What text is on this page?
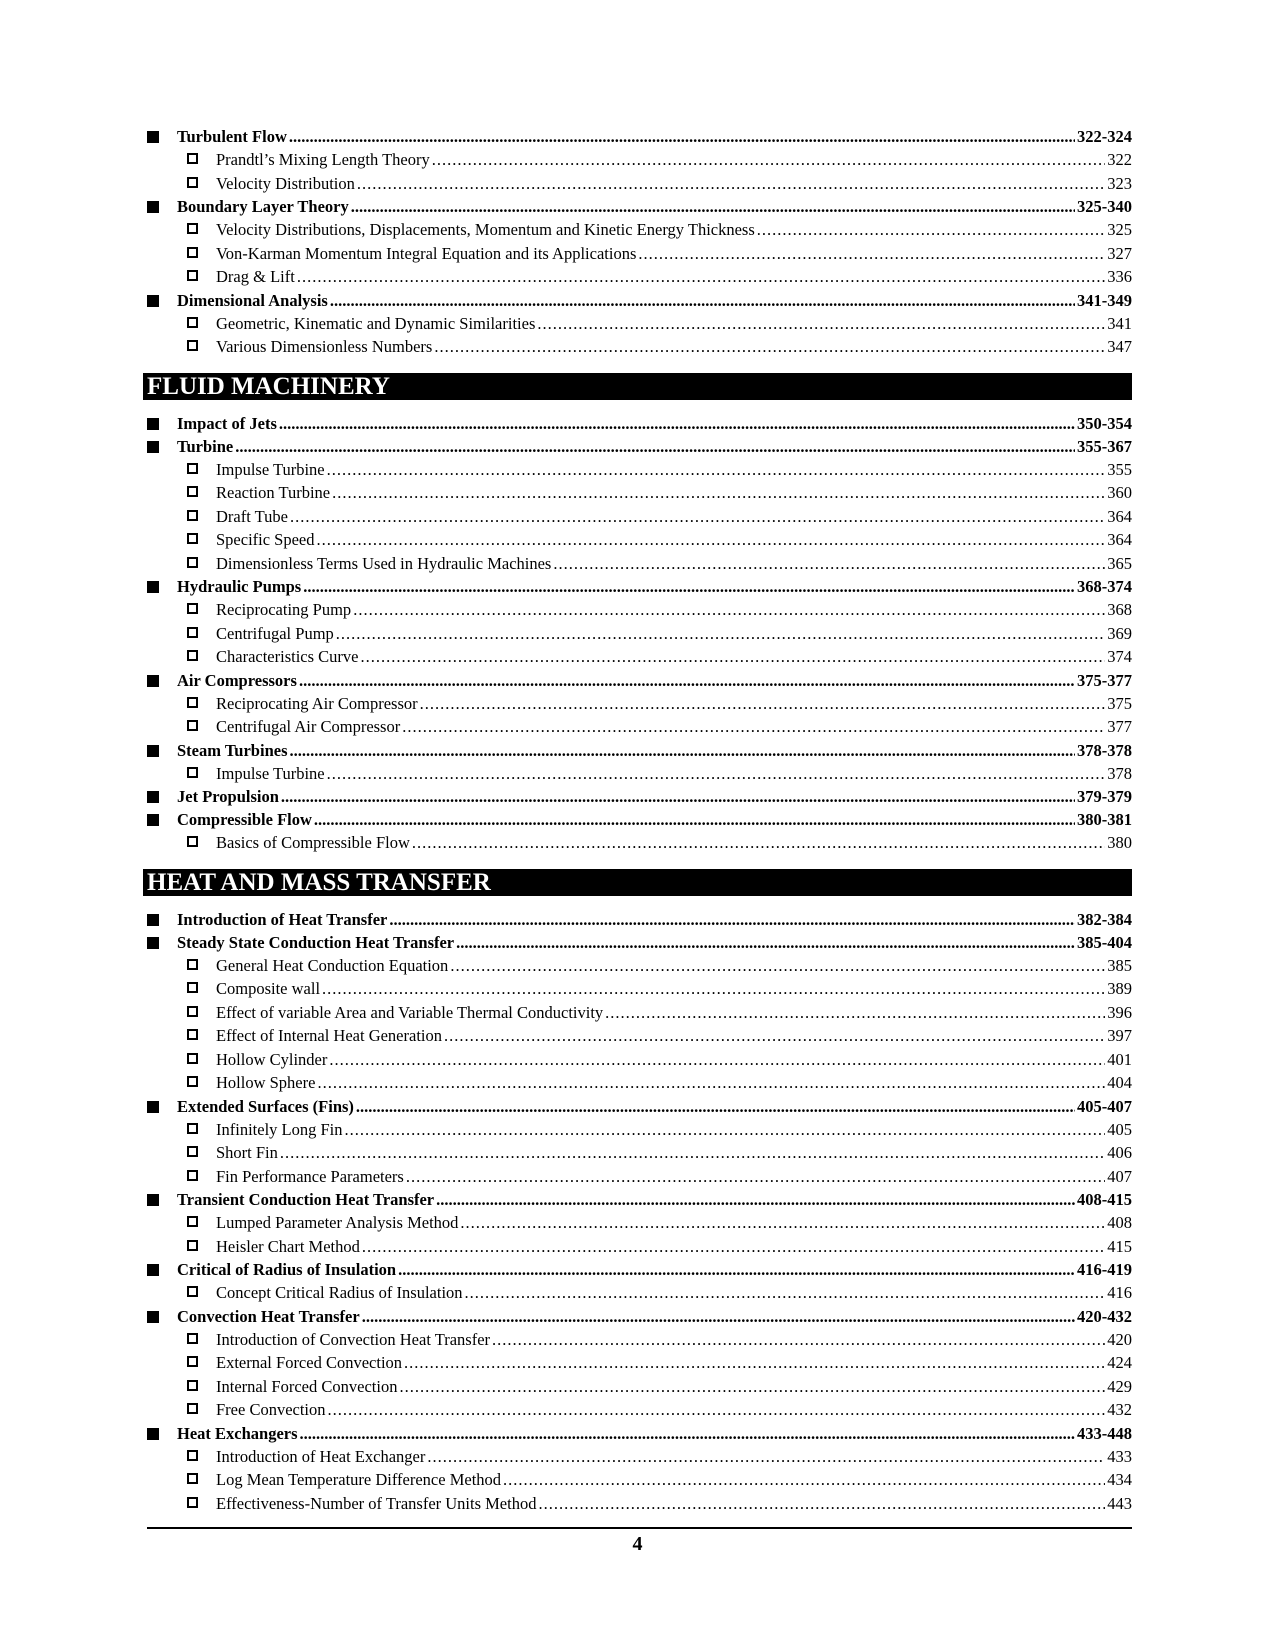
Turbulent Flow .....	322-324
Prandtl’s Mixing Length Theory .....	322
Velocity Distribution .....	323
Boundary Layer Theory .....	325-340
Velocity Distributions, Displacements, Momentum and Kinetic Energy Thickness .....	325
Von-Karman Momentum Integral Equation and its Applications .....	327
Drag & Lift .....	336
Dimensional Analysis .....	341-349
Geometric, Kinematic and Dynamic Similarities .....	341
Various Dimensionless Numbers .....	347
FLUID MACHINERY
Impact of Jets .....	350-354
Turbine .....	355-367
Impulse Turbine .....	355
Reaction Turbine .....	360
Draft Tube .....	364
Specific Speed .....	364
Dimensionless Terms Used in Hydraulic Machines .....	365
Hydraulic Pumps .....	368-374
Reciprocating Pump .....	368
Centrifugal Pump .....	369
Characteristics Curve .....	374
Air Compressors .....	375-377
Reciprocating Air Compressor .....	375
Centrifugal Air Compressor .....	377
Steam Turbines .....	378-378
Impulse Turbine .....	378
Jet Propulsion .....	379-379
Compressible Flow .....	380-381
Basics of Compressible Flow .....	380
HEAT AND MASS TRANSFER
Introduction of Heat Transfer .....	382-384
Steady State Conduction Heat Transfer .....	385-404
General Heat Conduction Equation .....	385
Composite wall .....	389
Effect of variable Area and Variable Thermal Conductivity .....	396
Effect of Internal Heat Generation .....	397
Hollow Cylinder .....	401
Hollow Sphere .....	404
Extended Surfaces (Fins) .....	405-407
Infinitely Long Fin .....	405
Short Fin .....	406
Fin Performance Parameters .....	407
Transient Conduction Heat Transfer .....	408-415
Lumped Parameter Analysis Method .....	408
Heisler Chart Method .....	415
Critical of Radius of Insulation .....	416-419
Concept Critical Radius of Insulation .....	416
Convection Heat Transfer .....	420-432
Introduction of Convection Heat Transfer .....	420
External Forced Convection .....	424
Internal Forced Convection .....	429
Free Convection .....	432
Heat Exchangers .....	433-448
Introduction of Heat Exchanger .....	433
Log Mean Temperature Difference Method .....	434
Effectiveness-Number of Transfer Units Method .....	443
4
